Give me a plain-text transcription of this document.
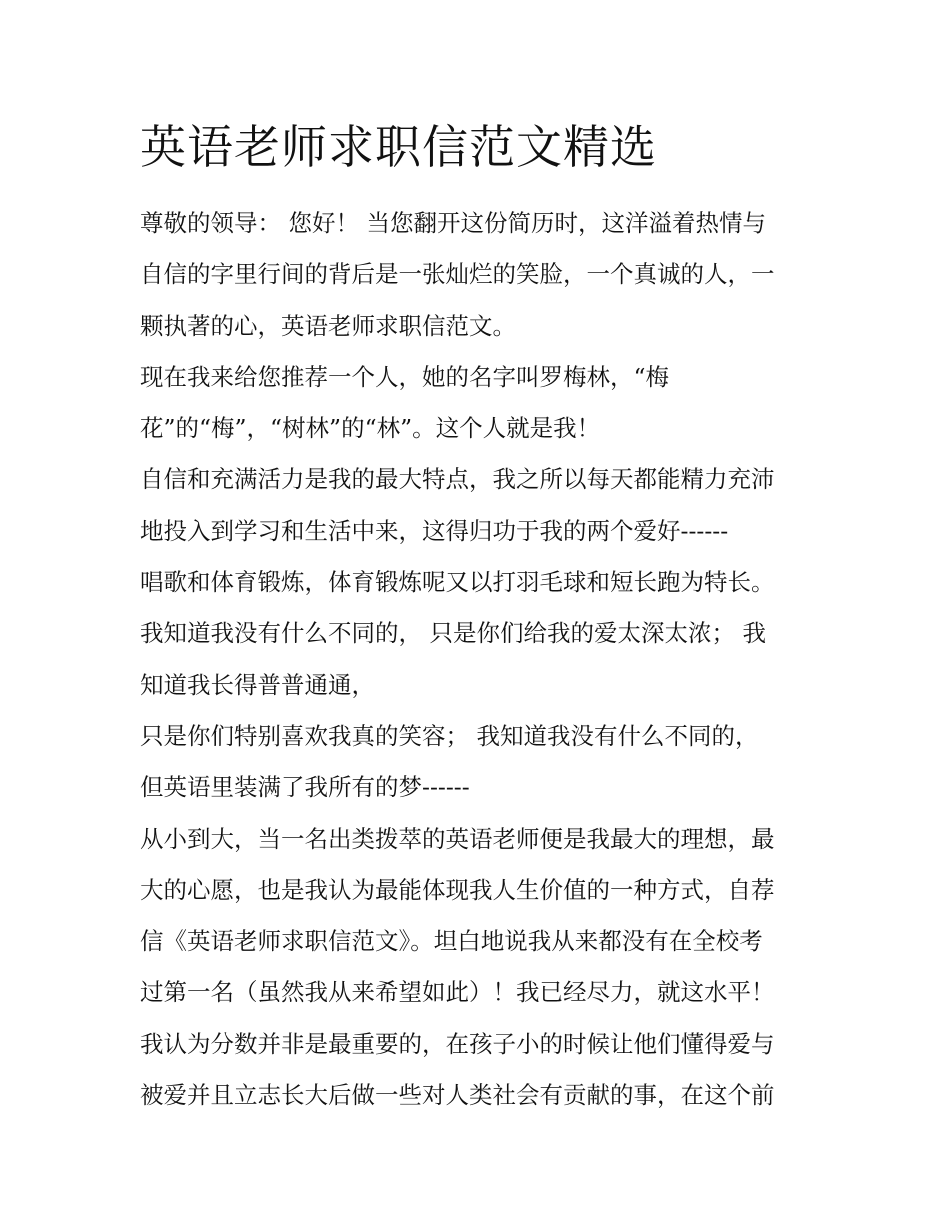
英语老师求职信范文精选
尊敬的领导： 您好！ 当您翻开这份简历时，这洋溢着热情与
自信的字里行间的背后是一张灿烂的笑脸，一个真诚的人，一
颗执著的心，英语老师求职信范文。
现在我来给您推荐一个人，她的名字叫罗梅林，“梅
花”的“梅”，“树林”的“林”。这个人就是我！
自信和充满活力是我的最大特点，我之所以每天都能精力充沛
地投入到学习和生活中来，这得归功于我的两个爱好------
唱歌和体育锻炼，体育锻炼呢又以打羽毛球和短长跑为特长。
我知道我没有什么不同的， 只是你们给我的爱太深太浓； 我
知道我长得普普通通，
只是你们特别喜欢我真的笑容； 我知道我没有什么不同的，
但英语里装满了我所有的梦------
从小到大，当一名出类拨萃的英语老师便是我最大的理想，最
大的心愿，也是我认为最能体现我人生价值的一种方式，自荐
信《英语老师求职信范文》。坦白地说我从来都没有在全校考
过第一名（虽然我从来希望如此）！我已经尽力，就这水平！
我认为分数并非是最重要的，在孩子小的时候让他们懂得爱与
被爱并且立志长大后做一些对人类社会有贡献的事，在这个前
